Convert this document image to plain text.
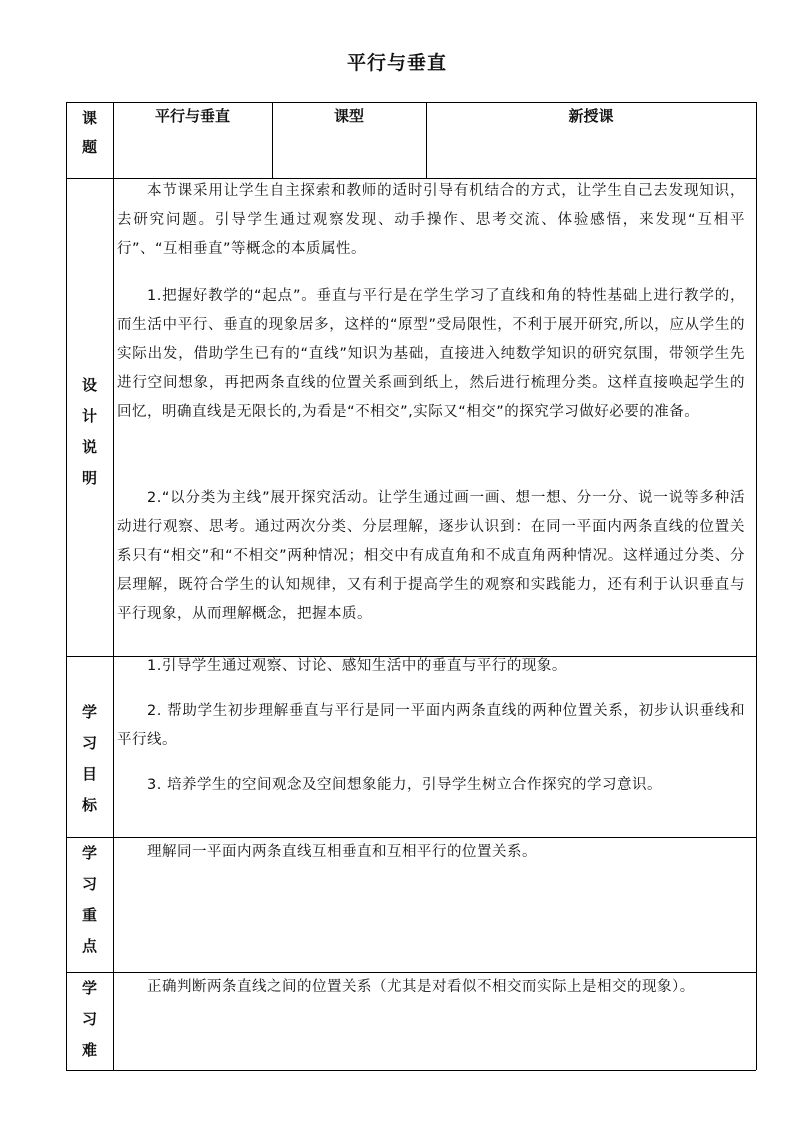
平行与垂直
课
题
平行与垂直	课型	新授课
设
计
说
明
本节课采用让学生自主探索和教师的适时引导有机结合的方式，让学生自己去发现知识，去研究问题。引导学生通过观察发现、动手操作、思考交流、体验感悟，来发现“互相平行”、“互相垂直”等概念的本质属性。
1.把握好教学的“起点”。垂直与平行是在学生学习了直线和角的特性基础上进行教学的，而生活中平行、垂直的现象居多，这样的“原型”受局限性，不利于展开研究,所以，应从学生的实际出发，借助学生已有的“直线”知识为基础，直接进入纯数学知识的研究氛围，带领学生先进行空间想象，再把两条直线的位置关系画到纸上，然后进行梳理分类。这样直接唤起学生的回忆，明确直线是无限长的,为看是“不相交”,实际又“相交”的探究学习做好必要的准备。
2.“以分类为主线”展开探究活动。让学生通过画一画、想一想、分一分、说一说等多种活动进行观察、思考。通过两次分类、分层理解，逐步认识到：在同一平面内两条直线的位置关系只有“相交”和“不相交”两种情况；相交中有成直角和不成直角两种情况。这样通过分类、分层理解，既符合学生的认知规律，又有利于提高学生的观察和实践能力，还有利于认识垂直与平行现象，从而理解概念，把握本质。
学
习
目
标
1.引导学生通过观察、讨论、感知生活中的垂直与平行的现象。
2. 帮助学生初步理解垂直与平行是同一平面内两条直线的两种位置关系，初步认识垂线和平行线。
3. 培养学生的空间观念及空间想象能力，引导学生树立合作探究的学习意识。
学
习
重
点
理解同一平面内两条直线互相垂直和互相平行的位置关系。
学
习
难
正确判断两条直线之间的位置关系（尤其是对看似不相交而实际上是相交的现象）。
